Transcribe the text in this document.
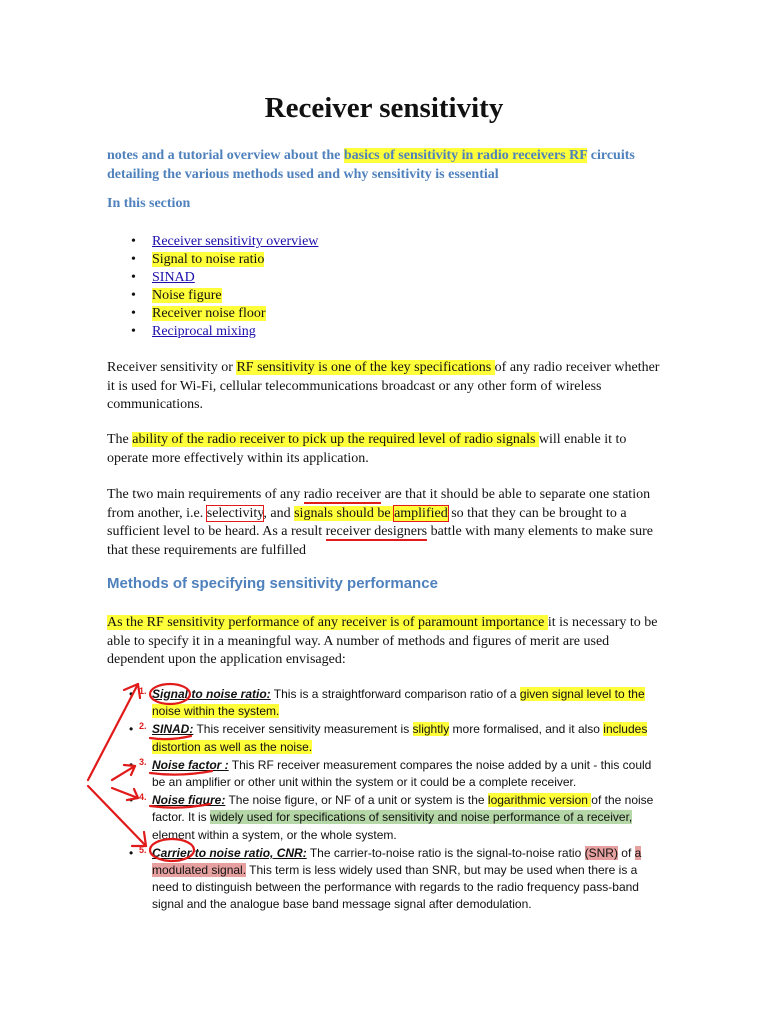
Receiver sensitivity

notes and a tutorial overview about the basics of sensitivity in radio receivers RF circuits detailing the various methods used and why sensitivity is essential

In this section

• Receiver sensitivity overview
• Signal to noise ratio
• SINAD
• Noise figure
• Receiver noise floor
• Reciprocal mixing

Receiver sensitivity or RF sensitivity is one of the key specifications of any radio receiver whether it is used for Wi-Fi, cellular telecommunications broadcast or any other form of wireless communications.

The ability of the radio receiver to pick up the required level of radio signals will enable it to operate more effectively within its application.

The two main requirements of any radio receiver are that it should be able to separate one station from another, i.e. selectivity, and signals should be amplified so that they can be brought to a sufficient level to be heard. As a result receiver designers battle with many elements to make sure that these requirements are fulfilled

Methods of specifying sensitivity performance

As the RF sensitivity performance of any receiver is of paramount importance it is necessary to be able to specify it in a meaningful way. A number of methods and figures of merit are used dependent upon the application envisaged:

• 1. Signal to noise ratio: This is a straightforward comparison ratio of a given signal level to the noise within the system.
• 2. SINAD: This receiver sensitivity measurement is slightly more formalised, and it also includes distortion as well as the noise.
• 3. Noise factor : This RF receiver measurement compares the noise added by a unit - this could be an amplifier or other unit within the system or it could be a complete receiver.
• 4. Noise figure: The noise figure, or NF of a unit or system is the logarithmic version of the noise factor. It is widely used for specifications of sensitivity and noise performance of a receiver, element within a system, or the whole system.
• 5. Carrier to noise ratio, CNR: The carrier-to-noise ratio is the signal-to-noise ratio (SNR) of a modulated signal. This term is less widely used than SNR, but may be used when there is a need to distinguish between the performance with regards to the radio frequency pass-band signal and the analogue base band message signal after demodulation.
